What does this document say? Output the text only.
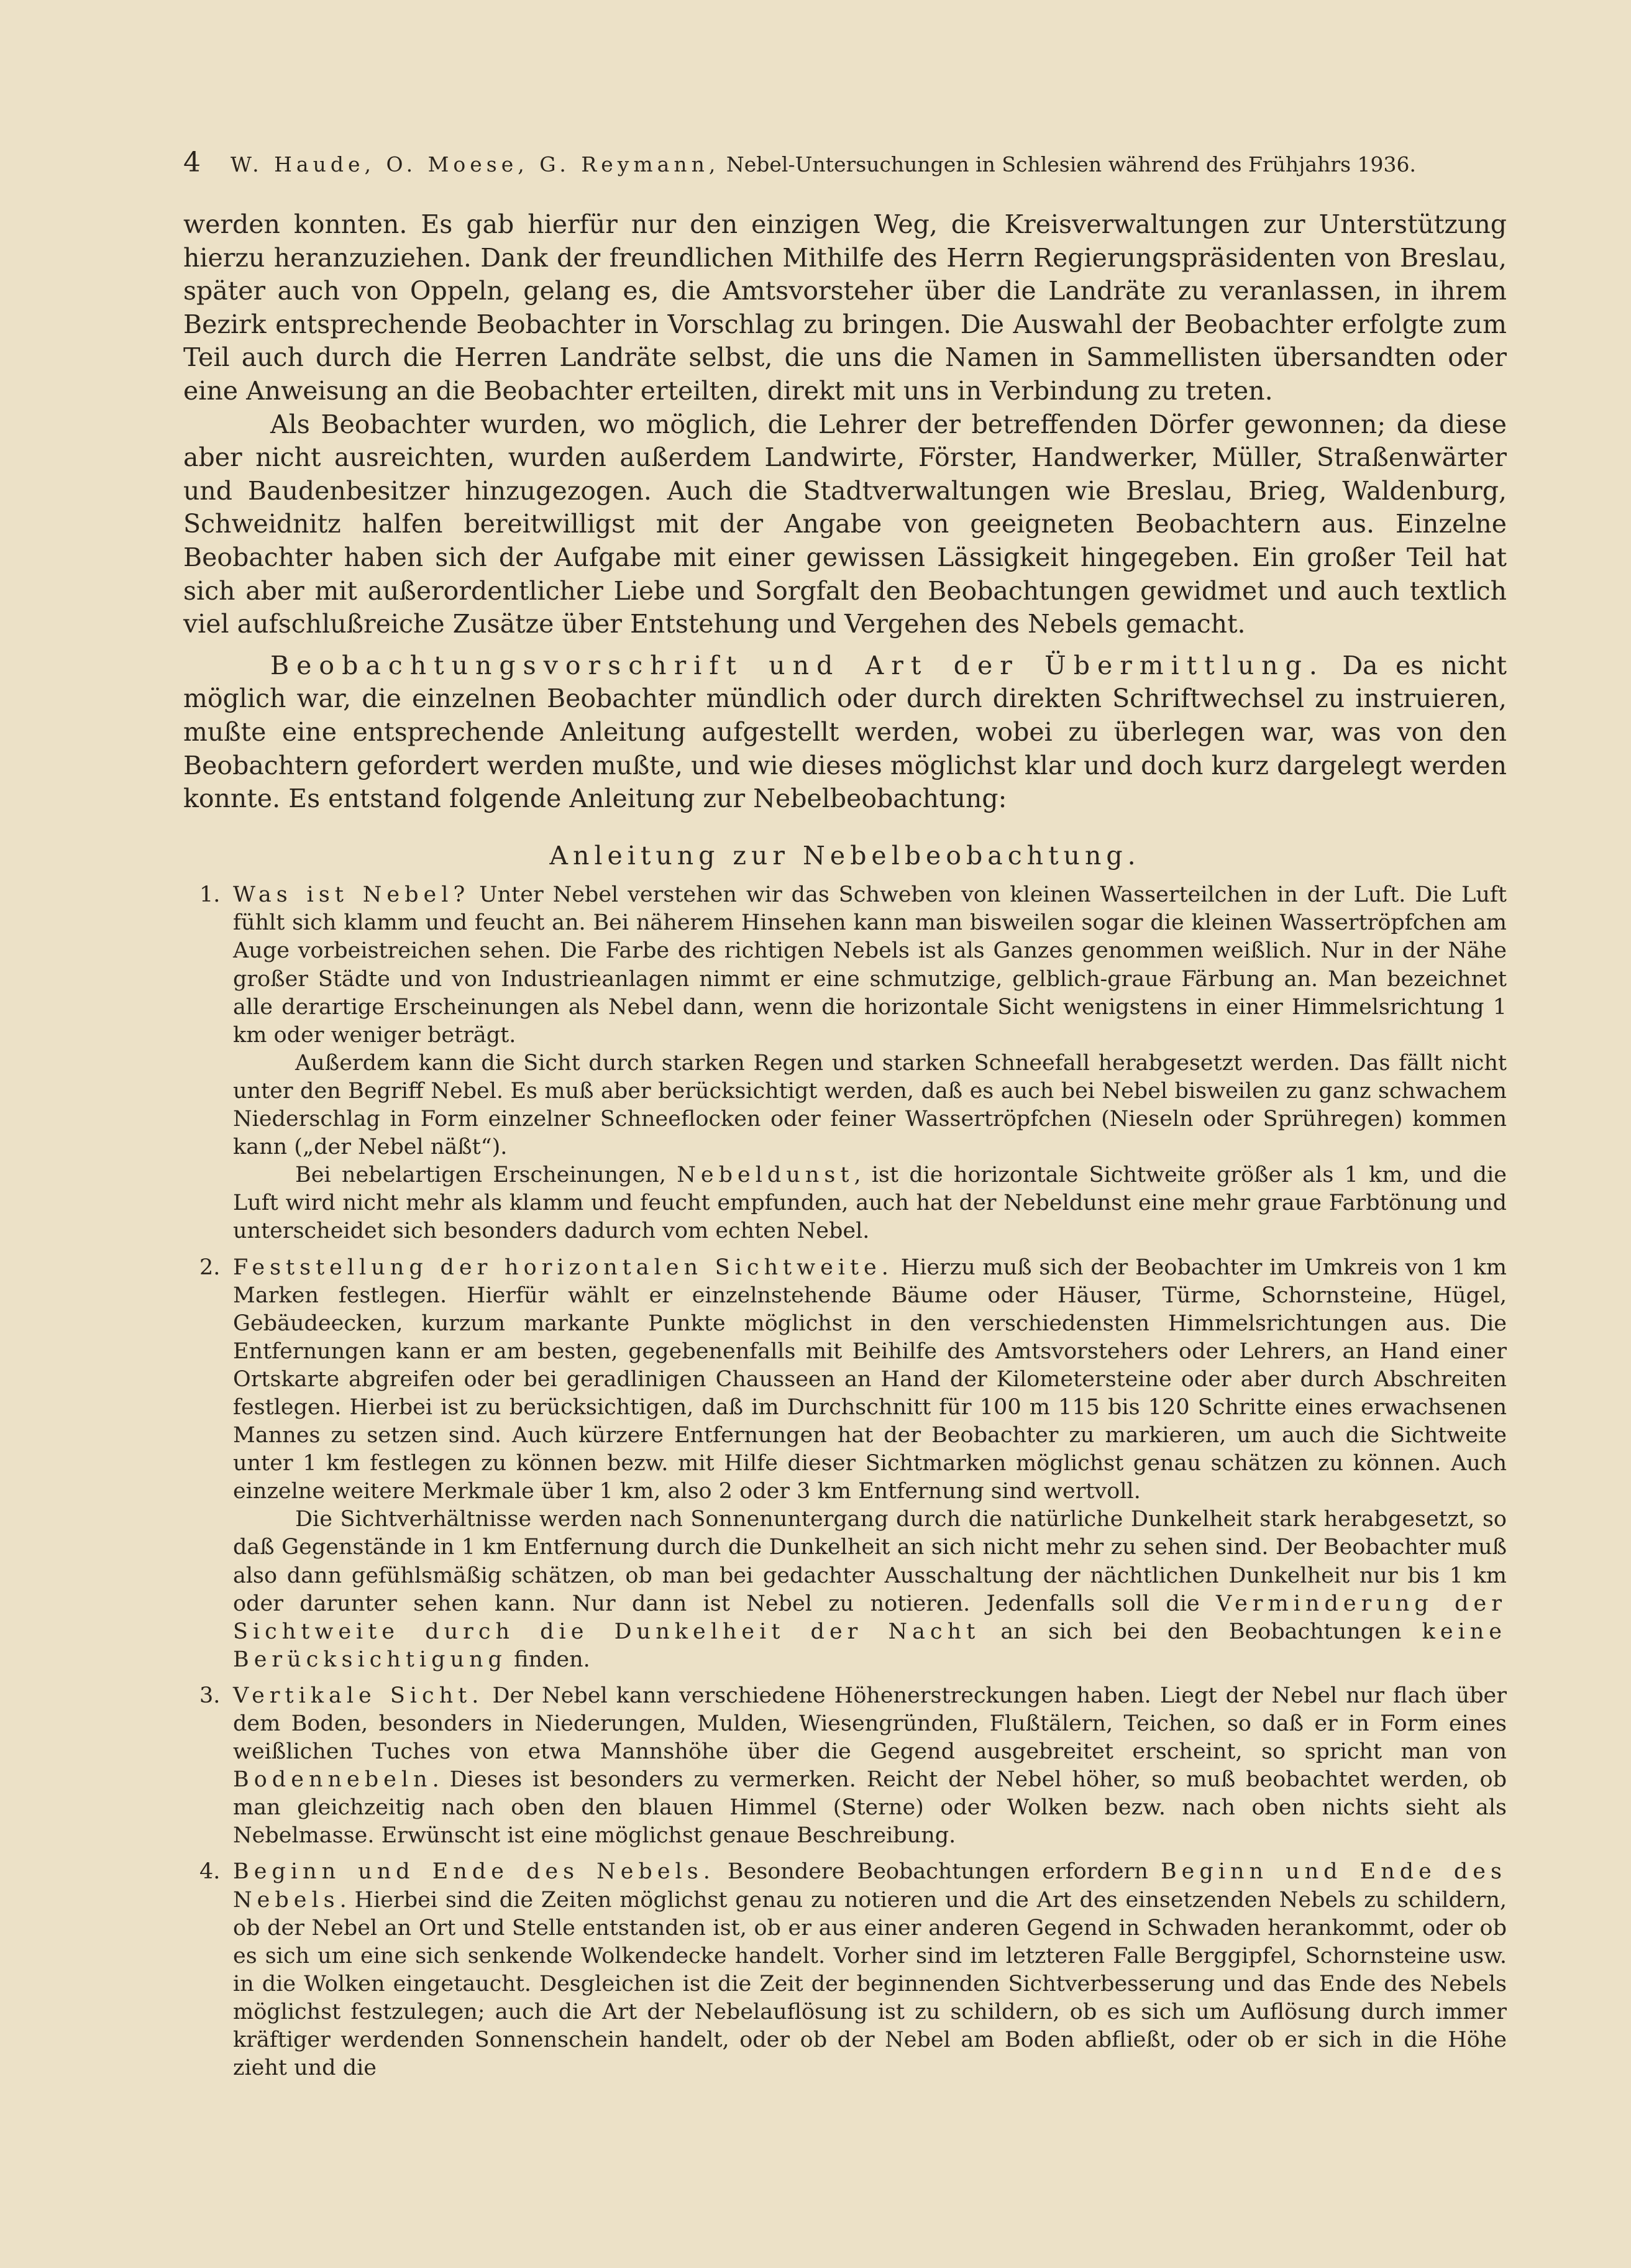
4 W. Haude, O. Moese, G. Reymann, Nebel-Untersuchungen in Schlesien während des Frühjahrs 1936.

werden konnten. Es gab hierfür nur den einzigen Weg, die Kreisverwaltungen zur Unterstützung hierzu heranzuziehen. Dank der freundlichen Mithilfe des Herrn Regierungspräsidenten von Breslau, später auch von Oppeln, gelang es, die Amtsvorsteher über die Landräte zu veranlassen, in ihrem Bezirk entsprechende Beobachter in Vorschlag zu bringen. Die Auswahl der Beobachter erfolgte zum Teil auch durch die Herren Landräte selbst, die uns die Namen in Sammellisten übersandten oder eine Anweisung an die Beobachter erteilten, direkt mit uns in Verbindung zu treten.

Als Beobachter wurden, wo möglich, die Lehrer der betreffenden Dörfer gewonnen; da diese aber nicht ausreichten, wurden außerdem Landwirte, Förster, Handwerker, Müller, Straßenwärter und Baudenbesitzer hinzugezogen. Auch die Stadtverwaltungen wie Breslau, Brieg, Waldenburg, Schweidnitz halfen bereitwilligst mit der Angabe von geeigneten Beobachtern aus. Einzelne Beobachter haben sich der Aufgabe mit einer gewissen Lässigkeit hingegeben. Ein großer Teil hat sich aber mit außerordentlicher Liebe und Sorgfalt den Beobachtungen gewidmet und auch textlich viel aufschlußreiche Zusätze über Entstehung und Vergehen des Nebels gemacht.

Beobachtungsvorschrift und Art der Übermittlung. Da es nicht möglich war, die einzelnen Beobachter mündlich oder durch direkten Schriftwechsel zu instruieren, mußte eine entsprechende Anleitung aufgestellt werden, wobei zu überlegen war, was von den Beobachtern gefordert werden mußte, und wie dieses möglichst klar und doch kurz dargelegt werden konnte. Es entstand folgende Anleitung zur Nebelbeobachtung:

Anleitung zur Nebelbeobachtung.
1. Was ist Nebel? Unter Nebel verstehen wir das Schweben von kleinen Wasserteilchen in der Luft. Die Luft fühlt sich klamm und feucht an. Bei näherem Hinsehen kann man bisweilen sogar die kleinen Wassertröpfchen am Auge vorbeistreichen sehen. Die Farbe des richtigen Nebels ist als Ganzes genommen weißlich. Nur in der Nähe großer Städte und von Industrieanlagen nimmt er eine schmutzige, gelblich-graue Färbung an. Man bezeichnet alle derartige Erscheinungen als Nebel dann, wenn die horizontale Sicht wenigstens in einer Himmelsrichtung 1 km oder weniger beträgt.

Außerdem kann die Sicht durch starken Regen und starken Schneefall herabgesetzt werden. Das fällt nicht unter den Begriff Nebel. Es muß aber berücksichtigt werden, daß es auch bei Nebel bisweilen zu ganz schwachem Niederschlag in Form einzelner Schneeflocken oder feiner Wassertröpfchen (Nieseln oder Sprühregen) kommen kann („der Nebel näßt“).

Bei nebelartigen Erscheinungen, Nebeldunst, ist die horizontale Sichtweite größer als 1 km, und die Luft wird nicht mehr als klamm und feucht empfunden, auch hat der Nebeldunst eine mehr graue Farbtönung und unterscheidet sich besonders dadurch vom echten Nebel.

2. Feststellung der horizontalen Sichtweite. Hierzu muß sich der Beobachter im Umkreis von 1 km Marken festlegen. Hierfür wählt er einzelnstehende Bäume oder Häuser, Türme, Schornsteine, Hügel, Gebäudeecken, kurzum markante Punkte möglichst in den verschiedensten Himmelsrichtungen aus. Die Entfernungen kann er am besten, gegebenenfalls mit Beihilfe des Amtsvorstehers oder Lehrers, an Hand einer Ortskarte abgreifen oder bei geradlinigen Chausseen an Hand der Kilometersteine oder aber durch Abschreiten festlegen. Hierbei ist zu berücksichtigen, daß im Durchschnitt für 100 m 115 bis 120 Schritte eines erwachsenen Mannes zu setzen sind. Auch kürzere Entfernungen hat der Beobachter zu markieren, um auch die Sichtweite unter 1 km festlegen zu können bezw. mit Hilfe dieser Sichtmarken möglichst genau schätzen zu können. Auch einzelne weitere Merkmale über 1 km, also 2 oder 3 km Entfernung sind wertvoll.

Die Sichtverhältnisse werden nach Sonnenuntergang durch die natürliche Dunkelheit stark herabgesetzt, so daß Gegenstände in 1 km Entfernung durch die Dunkelheit an sich nicht mehr zu sehen sind. Der Beobachter muß also dann gefühlsmäßig schätzen, ob man bei gedachter Ausschaltung der nächtlichen Dunkelheit nur bis 1 km oder darunter sehen kann. Nur dann ist Nebel zu notieren. Jedenfalls soll die Verminderung der Sichtweite durch die Dunkelheit der Nacht an sich bei den Beobachtungen keine Berücksichtigung finden.

3. Vertikale Sicht. Der Nebel kann verschiedene Höhenerstreckungen haben. Liegt der Nebel nur flach über dem Boden, besonders in Niederungen, Mulden, Wiesengründen, Flußtälern, Teichen, so daß er in Form eines weißlichen Tuches von etwa Mannshöhe über die Gegend ausgebreitet erscheint, so spricht man von Bodennebeln. Dieses ist besonders zu vermerken. Reicht der Nebel höher, so muß beobachtet werden, ob man gleichzeitig nach oben den blauen Himmel (Sterne) oder Wolken bezw. nach oben nichts sieht als Nebelmasse. Erwünscht ist eine möglichst genaue Beschreibung.

4. Beginn und Ende des Nebels. Besondere Beobachtungen erfordern Beginn und Ende des Nebels. Hierbei sind die Zeiten möglichst genau zu notieren und die Art des einsetzenden Nebels zu schildern, ob der Nebel an Ort und Stelle entstanden ist, ob er aus einer anderen Gegend in Schwaden herankommt, oder ob es sich um eine sich senkende Wolkendecke handelt. Vorher sind im letzteren Falle Berggipfel, Schornsteine usw. in die Wolken eingetaucht. Desgleichen ist die Zeit der beginnenden Sichtverbesserung und das Ende des Nebels möglichst festzulegen; auch die Art der Nebelauflösung ist zu schildern, ob es sich um Auflösung durch immer kräftiger werdenden Sonnenschein handelt, oder ob der Nebel am Boden abfließt, oder ob er sich in die Höhe zieht und die
